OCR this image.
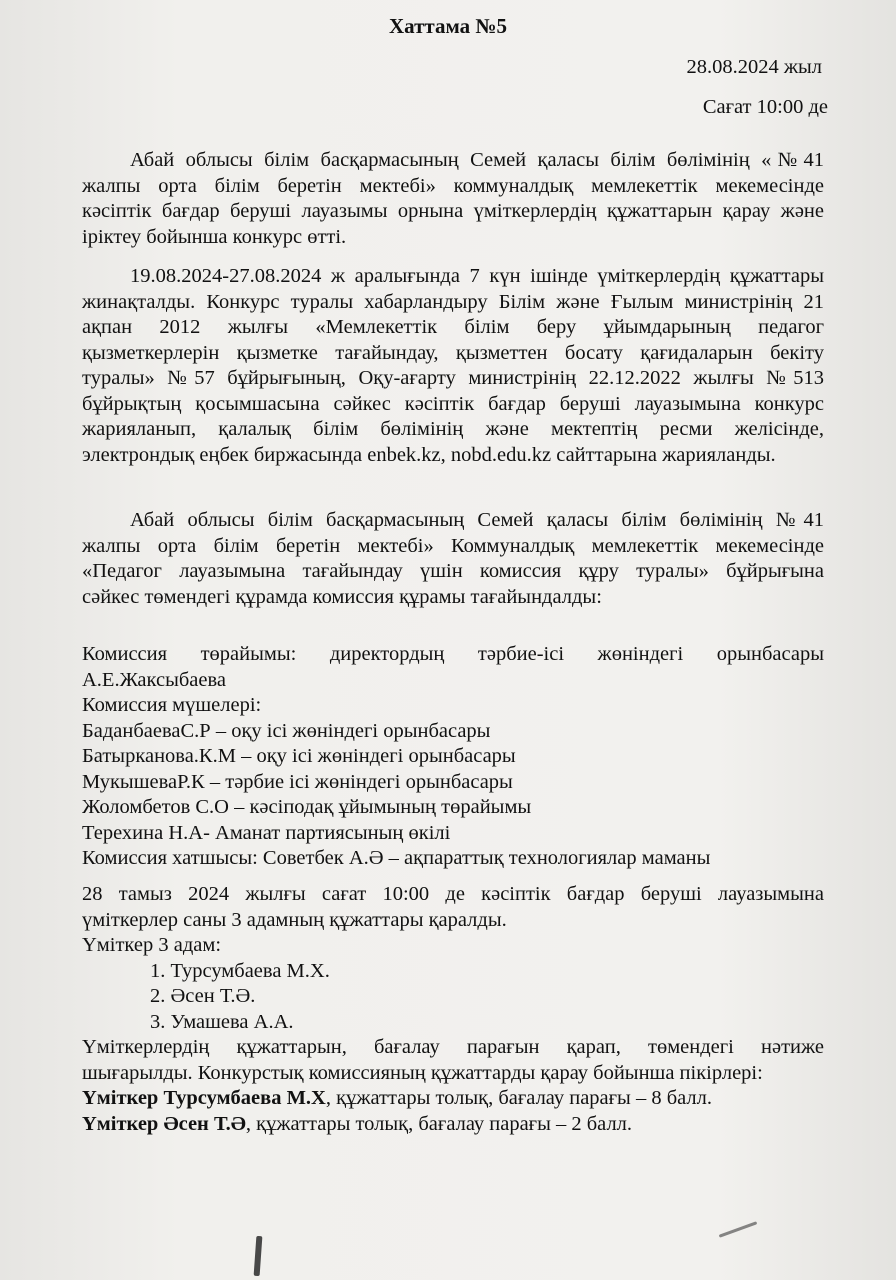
Хаттама №5
28.08.2024 жыл
Сағат 10:00 де
Абай облысы білім басқармасының Семей қаласы білім бөлімінің «№41
жалпы орта білім беретін мектебі» коммуналдық мемлекеттік мекемесінде
кәсіптік бағдар беруші лауазымы орнына үміткерлердің құжаттарын қарау және
іріктеу бойынша конкурс өтті.
19.08.2024-27.08.2024 ж аралығында 7 күн ішінде үміткерлердің құжаттары
жинақталды. Конкурс туралы хабарландыру Білім және Ғылым министрінің 21
ақпан 2012 жылғы «Мемлекеттік білім беру ұйымдарының педагог
қызметкерлерін қызметке тағайындау, қызметтен босату қағидаларын бекіту
туралы» №57 бұйрығының, Оқу-ағарту министрінің 22.12.2022 жылғы №513
бұйрықтың қосымшасына сәйкес кәсіптік бағдар беруші лауазымына конкурс
жарияланып, қалалық білім бөлімінің және мектептің ресми желісінде,
электрондық еңбек биржасында enbek.kz, nobd.edu.kz сайттарына жарияланды.
Абай облысы білім басқармасының Семей қаласы білім бөлімінің №41
жалпы орта білім беретін мектебі» Коммуналдық мемлекеттік мекемесінде
«Педагог лауазымына тағайындау үшін комиссия құру туралы» бұйрығына
сәйкес төмендегі құрамда комиссия құрамы тағайындалды:
Комиссия төрайымы: директордың тәрбие-ісі жөніндегі орынбасары
А.Е.Жаксыбаева
Комиссия мүшелері:
БаданбаеваС.Р – оқу ісі жөніндегі орынбасары
Батырканова.К.М – оқу ісі жөніндегі орынбасары
МукышеваР.К – тәрбие ісі жөніндегі орынбасары
Жоломбетов С.О – кәсіподақ ұйымының төрайымы
Терехина Н.А- Аманат партиясының өкілі
Комиссия хатшысы: Советбек А.Ә – ақпараттық технологиялар маманы
28 тамыз 2024 жылғы сағат 10:00 де кәсіптік бағдар беруші лауазымына
үміткерлер саны 3 адамның құжаттары қаралды.
Үміткер 3 адам:
1. Турсумбаева М.Х.
2. Әсен Т.Ә.
3. Умашева А.А.
Үміткерлердің құжаттарын, бағалау парағын қарап, төмендегі нәтиже
шығарылды. Конкурстық комиссияның құжаттарды қарау бойынша пікірлері:
Үміткер Турсумбаева М.Х, құжаттары толық, бағалау парағы – 8 балл.
Үміткер Әсен Т.Ә, құжаттары толық, бағалау парағы – 2 балл.
